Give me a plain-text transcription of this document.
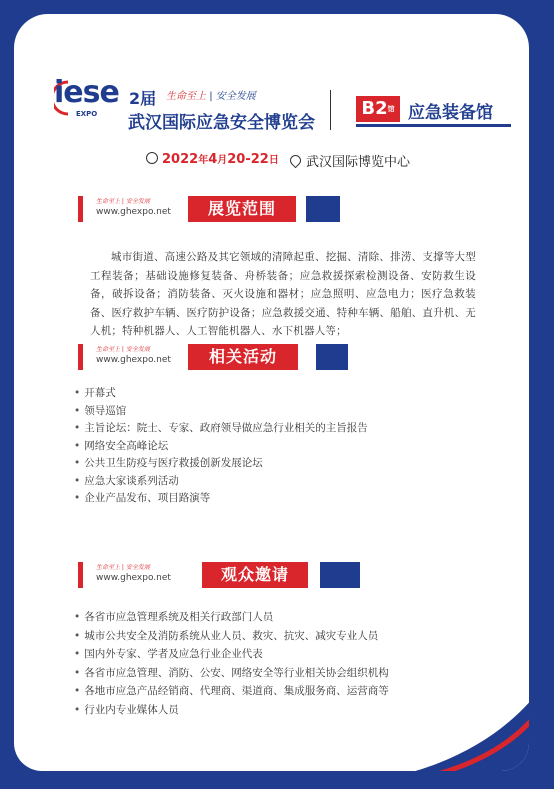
iese
EXPO
2届 生命至上 | 安全发展
武汉国际应急安全博览会
$B2^馆$ 应急装备馆
2022年4月20-22日	武汉国际博览中心
生命至上 | 安全发展
www.ghexpo.net	展览范围
城市街道、高速公路及其它领域的清障起重、挖掘、清除、排涝、支撑等大型工程装备；基础设施修复装备、舟桥装备；应急救援探索检测设备、安防救生设备，破拆设备；消防装备、灭火设施和器材；应急照明、应急电力；医疗急救装备、医疗救护车辆、医疗防护设备；应急救援交通、特种车辆、船舶、直升机、无人机；特种机器人、人工智能机器人、水下机器人等；
生命至上 | 安全发展
www.ghexpo.net	相关活动
• 开幕式
• 领导巡馆
• 主旨论坛：院士、专家、政府领导做应急行业相关的主旨报告
• 网络安全高峰论坛
• 公共卫生防疫与医疗救援创新发展论坛
• 应急大家谈系列活动
• 企业产品发布、项目路演等
生命至上 | 安全发展
www.ghexpo.net	观众邀请
• 各省市应急管理系统及相关行政部门人员
• 城市公共安全及消防系统从业人员、救灾、抗灾、减灾专业人员
• 国内外专家、学者及应急行业企业代表
• 各省市应急管理、消防、公安、网络安全等行业相关协会组织机构
• 各地市应急产品经销商、代理商、渠道商、集成服务商、运营商等
• 行业内专业媒体人员
